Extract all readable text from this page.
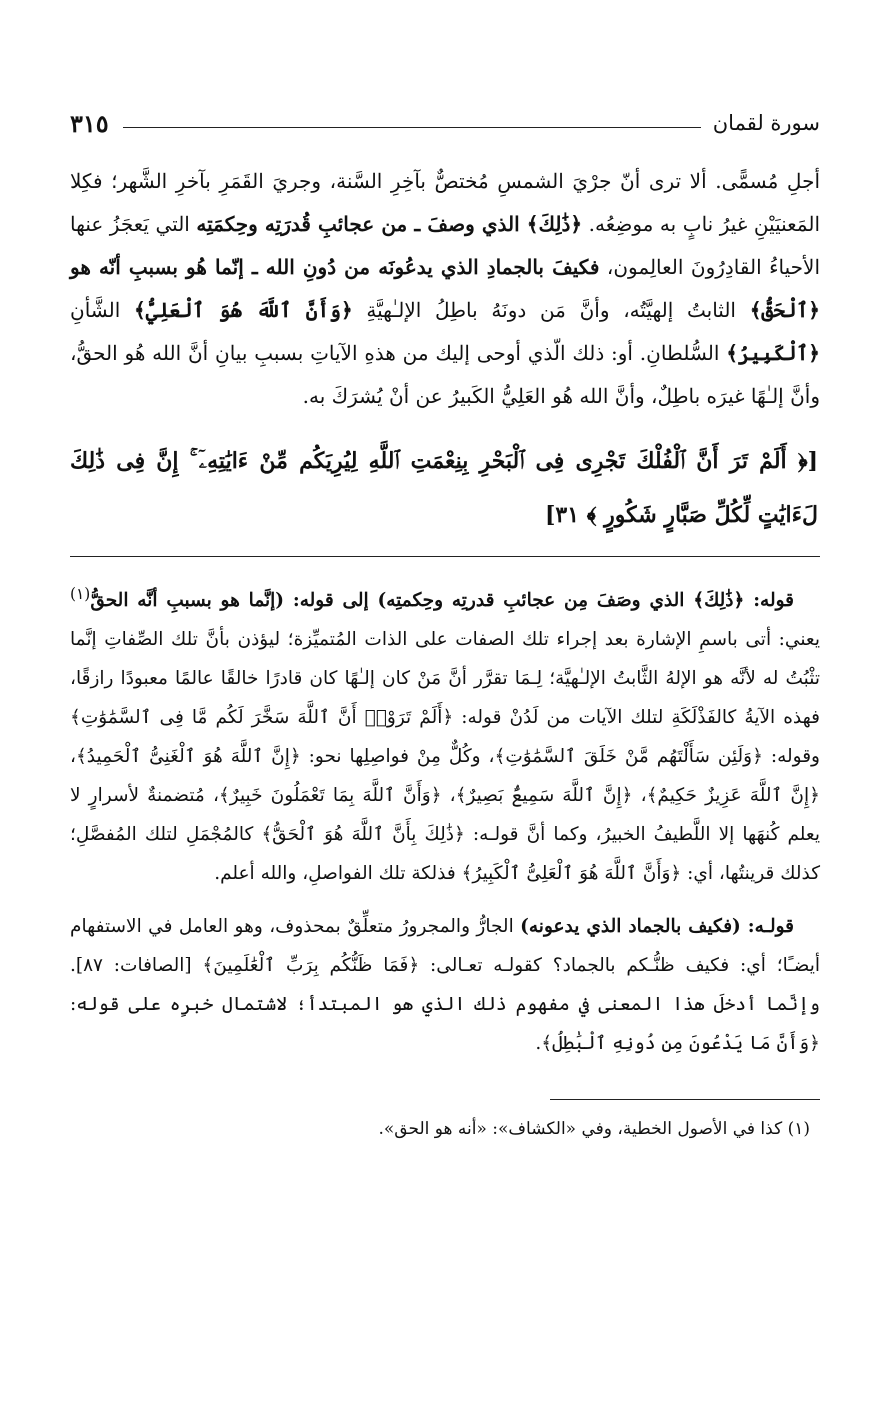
٣١٥	سورة لقمان
أجلِ مُسمًّى. ألا ترى أنّ جرْيَ الشمسِ مُختصٌّ بآخِرِ السَّنة، وجريَ القَمَرِ بآخرِ الشَّهر؛ فكِلا المَعنيَيْنِ غيرُ نابٍ به موضِعُه. ﴿ذَٰلِكَ﴾ الذي وصفَ ـ من عجائبِ قُدرَتِه وحِكمَتِه التي يَعجَزُ عنها الأحياءُ القادِرُونَ العالِمون، فكيفَ بالجمادِ الذي يدعُونَه من دُونِ الله ـ إنّما هُو بسببِ أنّه هو ﴿ٱلْحَقُّ﴾ الثابتُ إلهيَّتُه، وأنَّ مَن دونَهُ باطِلُ الإلـٰهيَّةِ ﴿وَأَنَّ ٱللَّهَ هُوَ ٱلْعَلِيُّ﴾ الشَّأنِ ﴿ٱلْكَبِيرُ﴾ السُّلطانِ. أو: ذلك الّذي أوحى إليك من هذهِ الآياتِ بسببِ بيانِ أنَّ الله هُو الحقُّ، وأنَّ إلـٰهًا غيرَه باطِلٌ، وأنَّ الله هُو العَلِيُّ الكَبيرُ عن أنْ يُشرَكَ به.
[﴿ أَلَمْ تَرَ أَنَّ ٱلْفُلْكَ تَجْرِى فِى ٱلْبَحْرِ بِنِعْمَتِ ٱللَّهِ لِيُرِيَكُم مِّنْ ءَايَٰتِهِۦٓ ۚ إِنَّ فِى ذَٰلِكَ لَءَايَٰتٍ لِّكُلِّ صَبَّارٍ شَكُورٍ ﴾ ٣١]

قوله: ﴿ذَٰلِكَ﴾ الذي وصَفَ مِن عجائبِ قدرتِه وحِكمتِه) إلى قوله: (إنَّما هو بسببِ أنَّه الحقُّ$^{(١)}$ يعني: أتى باسمِ الإشارة بعد إجراء تلك الصفات على الذات المُتميِّزة؛ ليؤذن بأنَّ تلك الصِّفاتِ إنَّما تثْبُتُ له لأنَّه هو الإلهُ الثَّابتُ الإلـٰهيَّة؛ لِـمَا تقرَّر أنَّ مَنْ كان إلـٰهًا كان قادرًا خالقًا عالمًا معبودًا رازقًا، فهذه الآيةُ كالفَذْلَكَةِ لتلك الآيات من لَدُنْ قوله: ﴿أَلَمْ تَرَوْا۟ أَنَّ ٱللَّهَ سَخَّرَ لَكُم مَّا فِى ٱلسَّمَٰوَٰتِ﴾ وقوله: ﴿وَلَئِن سَأَلْتَهُم مَّنْ خَلَقَ ٱلسَّمَٰوَٰتِ﴾، وكُلٌّ مِنْ فواصِلِها نحو: ﴿إِنَّ ٱللَّهَ هُوَ ٱلْغَنِىُّ ٱلْحَمِيدُ﴾، ﴿إِنَّ ٱللَّهَ عَزِيزٌ حَكِيمٌ﴾، ﴿إِنَّ ٱللَّهَ سَمِيعٌۢ بَصِيرٌ﴾، ﴿وَأَنَّ ٱللَّهَ بِمَا تَعْمَلُونَ خَبِيرٌ﴾، مُتضمنةٌ لأسرارٍ لا يعلم كُنهَها إلا اللَّطيفُ الخبيرُ، وكما أنَّ قولـه: ﴿ذَٰلِكَ بِأَنَّ ٱللَّهَ هُوَ ٱلْحَقُّ﴾ كالمُجْمَلِ لتلك المُفصَّلِ؛ كذلك قرينتُها، أي: ﴿وَأَنَّ ٱللَّهَ هُوَ ٱلْعَلِىُّ ٱلْكَبِيرُ﴾ فذلكة تلك الفواصلِ، والله أعلم.

قولـه: (فكيف بالجماد الذي يدعونه) الجارُّ والمجرورُ متعلِّقٌ بمحذوف، وهو العامل في الاستفهام أيضـًا؛ أي: فكيف ظنُّـكم بالجماد؟ كقولـه تعـالى: ﴿فَمَا ظَنُّكُم بِرَبِّ ٱلْعَٰلَمِينَ﴾ [الصافات: ٨٧]. وإنَّما أدخلَ هذا المعنى في مفهوم ذلك الذي هو المبتدأ؛ لاشتمال خبرِه على قوله: ﴿وَأَنَّ مَا يَدْعُونَ مِن دُونِهِ ٱلْبَٰطِلُ﴾.

(١) كذا في الأصول الخطية، وفي «الكشاف»: «أنه هو الحق».
